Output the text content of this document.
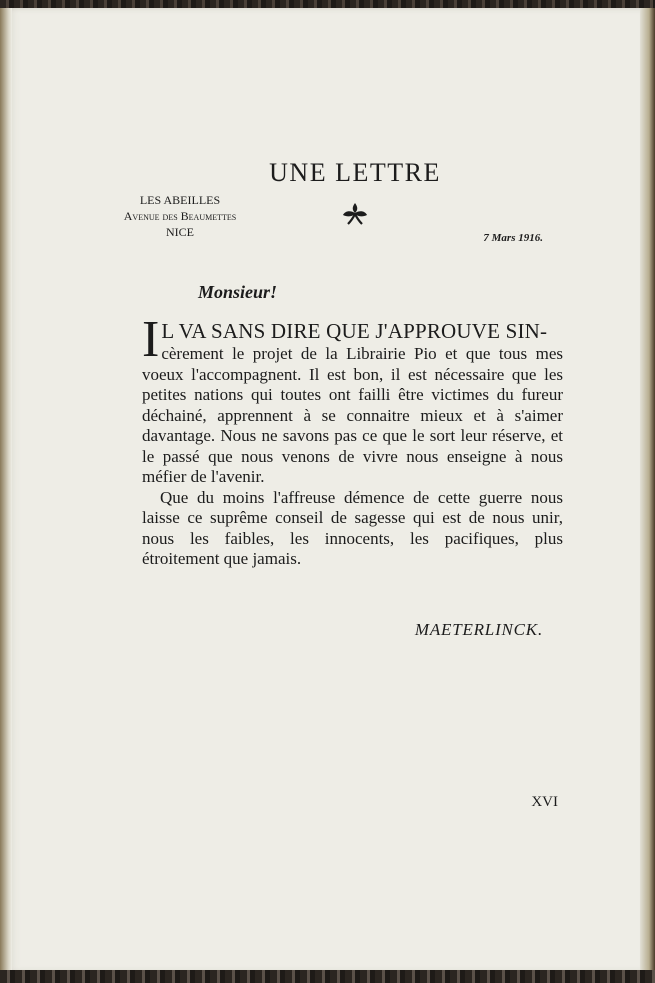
UNE LETTRE
LES ABEILLES
Avenue des Beaumettes
NICE	7 Mars 1916.
Monsieur!
I L VA SANS DIRE QUE J'APPROUVE SIN-
cèrement le projet de la Librairie Pio et que tous mes voeux l'accompagnent. Il est bon, il est nécessaire que les petites nations qui toutes ont failli être victimes du fureur déchainé, apprennent à se connaitre mieux et à s'aimer davantage. Nous ne savons pas ce que le sort leur réserve, et le passé que nous venons de vivre nous enseigne à nous méfier de l'avenir.
Que du moins l'affreuse démence de cette guerre nous laisse ce suprême conseil de sagesse qui est de nous unir, nous les faibles, les innocents, les pacifiques, plus étroitement que jamais.
MAETERLINCK.
XVI
